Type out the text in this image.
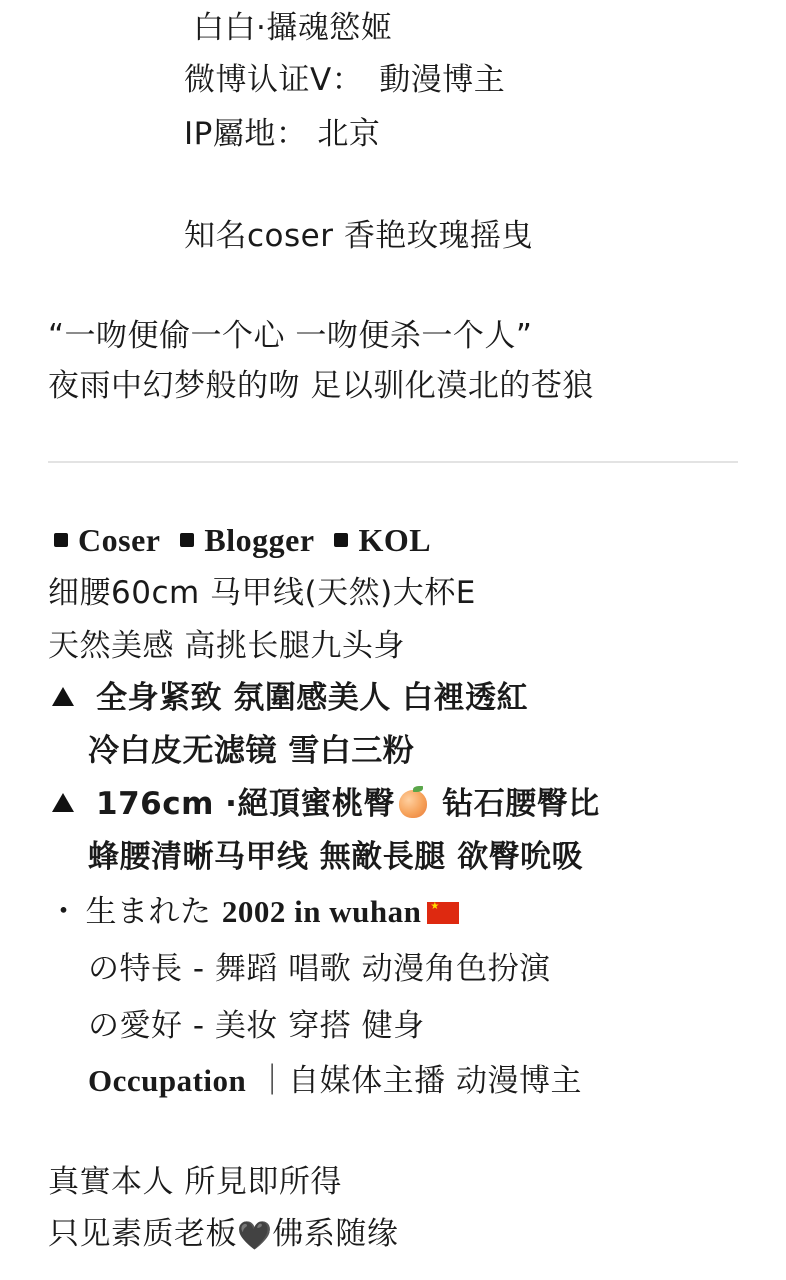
白白·攝魂慾姬
微博认证V： 動漫博主
IP屬地： 北京
知名coser 香艳玫瑰摇曳
“一吻便偷一个心 一吻便杀一个人”
夜雨中幻梦般的吻 足以驯化漠北的苍狼
Coser Blogger KOL
细腰60cm 马甲线(天然)大杯E
天然美感 高挑长腿九头身
全身紧致 氛圍感美人 白裡透紅
冷白皮无滤镜 雪白三粉
176cm ·絕頂蜜桃臀 钻石腰臀比
蜂腰清晰马甲线 無敵長腿 欲臀吮吸
・ 生まれた 2002 in wuhan★
の特長 - 舞蹈 唱歌 动漫角色扮演
の愛好 - 美妆 穿搭 健身
Occupation ｜自媒体主播 动漫博主
真實本人 所見即所得
只见素质老板🖤佛系随缘
